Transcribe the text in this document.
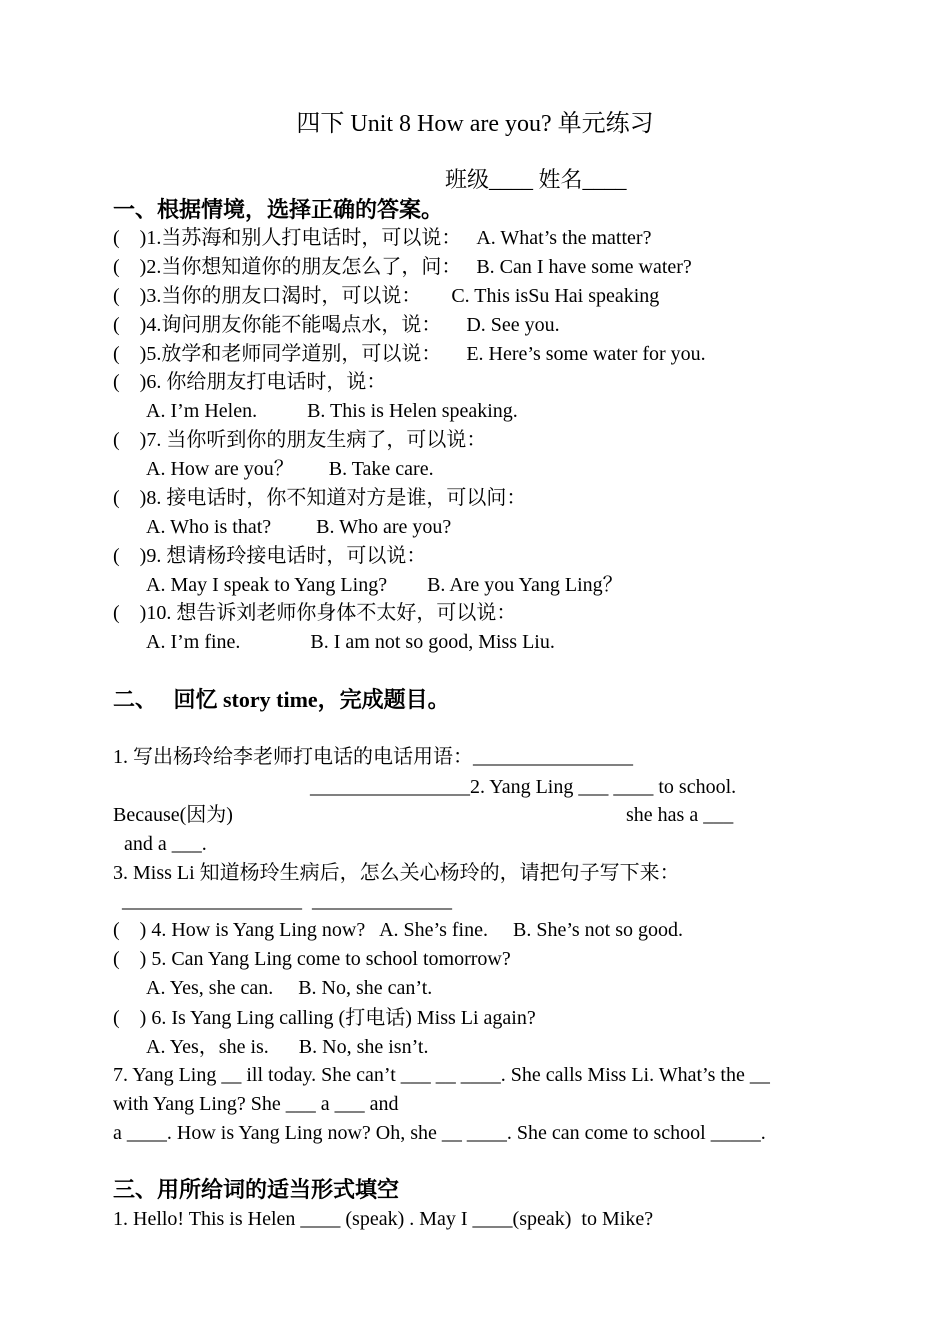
四下 Unit 8 How are you? 单元练习
班级____ 姓名____
一、根据情境，选择正确的答案。
(    )1.当苏海和别人打电话时，可以说：   A. What’s the matter?
(    )2.当你想知道你的朋友怎么了，问：   B. Can I have some water?
(    )3.当你的朋友口渴时，可以说：      C. This isSu Hai speaking
(    )4.询问朋友你能不能喝点水，说：     D. See you.
(    )5.放学和老师同学道别，可以说：     E. Here’s some water for you.
(    )6. 你给朋友打电话时，说：
A. I’m Helen.          B. This is Helen speaking.
(    )7. 当你听到你的朋友生病了，可以说：
A. How are you？       B. Take care.
(    )8. 接电话时，你不知道对方是谁，可以问：
A. Who is that?         B. Who are you?
(    )9. 想请杨玲接电话时，可以说：
A. May I speak to Yang Ling?        B. Are you Yang Ling？
(    )10. 想告诉刘老师你身体不太好，可以说：
A. I’m fine.              B. I am not so good, Miss Liu.
二、   回忆 story time，完成题目。
1. 写出杨玲给李老师打电话的电话用语：________________
________________2. Yang Ling ___ ____ to school.
Because(因为)	she has a ___
and a ___.
3. Miss Li 知道杨玲生病后，怎么关心杨玲的，请把句子写下来：
__________________  ______________
(    ) 4. How is Yang Ling now?   A. She’s fine.     B. She’s not so good.
(    ) 5. Can Yang Ling come to school tomorrow?
A. Yes, she can.     B. No, she can’t.
(    ) 6. Is Yang Ling calling (打电话) Miss Li again?
A. Yes，she is.      B. No, she isn’t.
7. Yang Ling __ ill today. She can’t ___ __ ____. She calls Miss Li. What’s the __
with Yang Ling? She ___ a ___ and
a ____. How is Yang Ling now? Oh, she __ ____. She can come to school _____.
三、用所给词的适当形式填空
1. Hello! This is Helen ____ (speak) . May I ____(speak)  to Mike?
